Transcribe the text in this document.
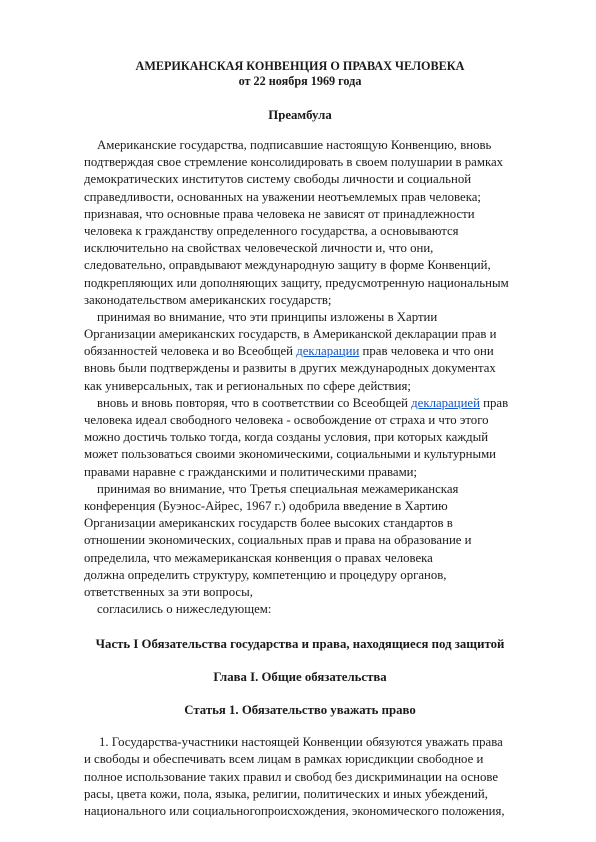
АМЕРИКАНСКАЯ КОНВЕНЦИЯ О ПРАВАХ ЧЕЛОВЕКА
от 22 ноября 1969 года
Преамбула
Американские государства, подписавшие настоящую Конвенцию, вновь
подтверждая свое стремление консолидировать в своем полушарии в рамках
демократических институтов систему свободы личности и социальной
справедливости, основанных на уважении неотъемлемых прав человека;
признавая, что основные права человека не зависят от принадлежности
человека к гражданству определенного государства, а основываются
исключительно на свойствах человеческой личности и, что они,
следовательно, оправдывают международную защиту в форме Конвенций,
подкрепляющих или дополняющих защиту, предусмотренную национальным
законодательством американских государств;
принимая во внимание, что эти принципы изложены в Хартии
Организации американских государств, в Американской декларации прав и
обязанностей человека и во Всеобщей декларации прав человека и что они
вновь были подтверждены и развиты в других международных документах
как универсальных, так и региональных по сфере действия;
вновь и вновь повторяя, что в соответствии со Всеобщей декларацией прав
человека идеал свободного человека - освобождение от страха и что этого
можно достичь только тогда, когда созданы условия, при которых каждый
может пользоваться своими экономическими, социальными и культурными
правами наравне с гражданскими и политическими правами;
принимая во внимание, что Третья специальная межамериканская
конференция (Буэнос-Айрес, 1967 г.) одобрила введение в Хартию
Организации американских государств более высоких стандартов в
отношении экономических, социальных прав и права на образование и
определила, что межамериканская конвенция о правах человека
должна определить структуру, компетенцию и процедуру органов,
ответственных за эти вопросы,
согласились о нижеследующем:
Часть I Обязательства государства и права, находящиеся под защитой
Глава I. Общие обязательства
Статья 1. Обязательство уважать право
1. Государства-участники настоящей Конвенции обязуются уважать права
и свободы и обеспечивать всем лицам в рамках юрисдикции свободное и
полное использование таких правил и свобод без дискриминации на основе
расы, цвета кожи, пола, языка, религии, политических и иных убеждений,
национального или социальногопроисхождения, экономического положения,
